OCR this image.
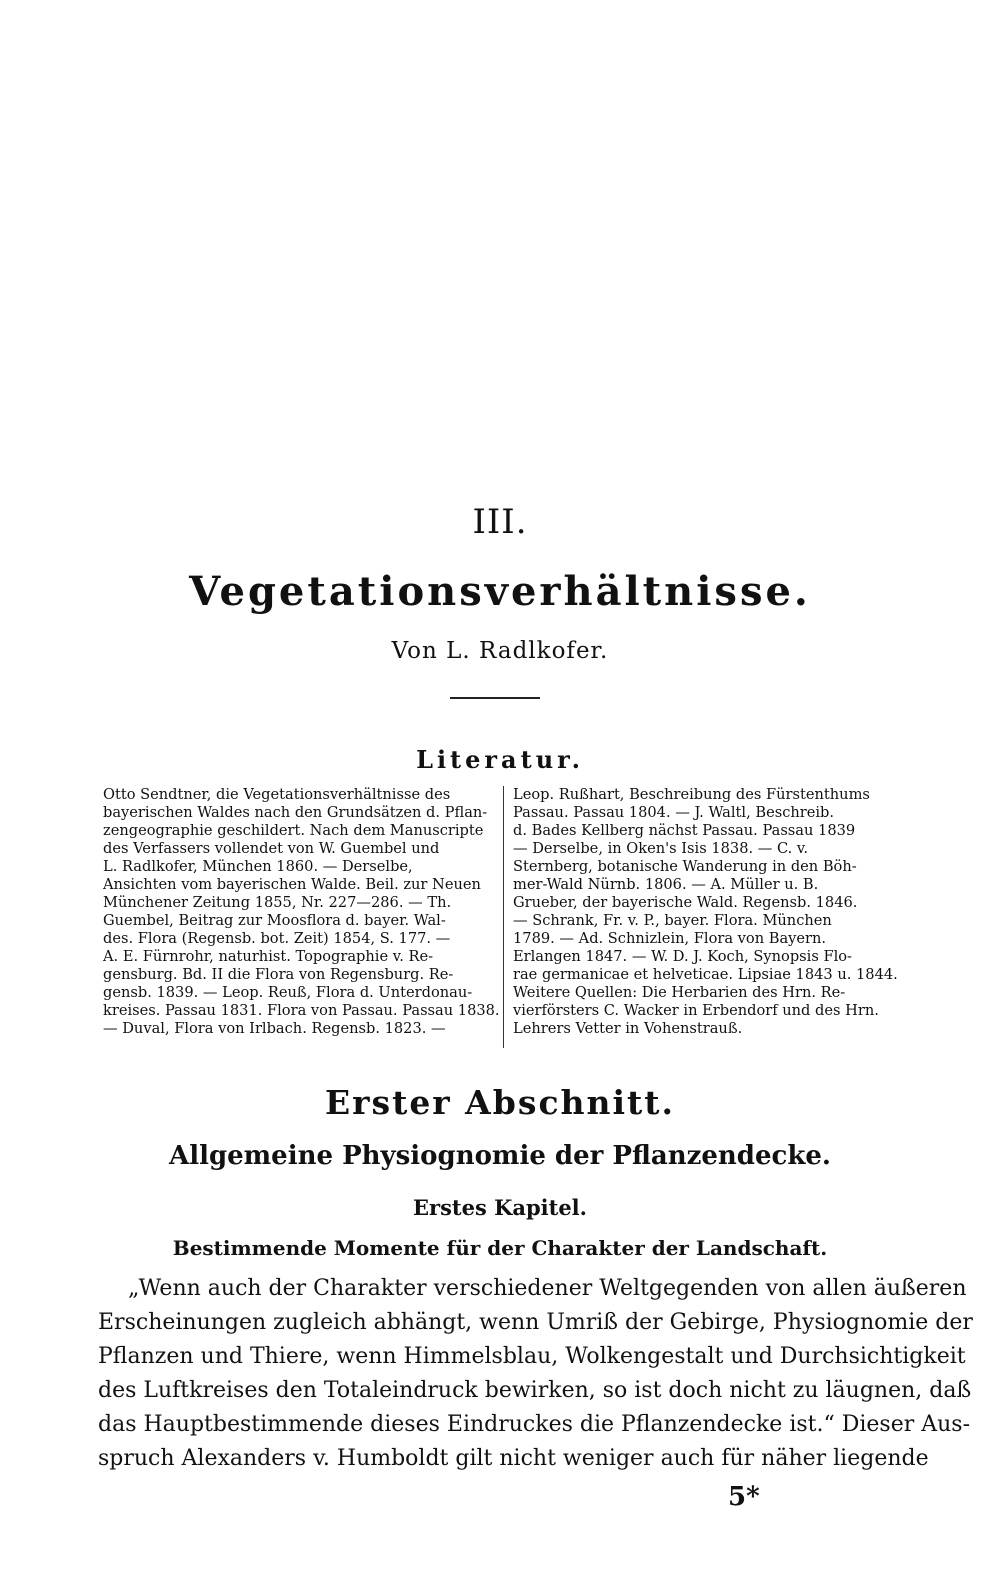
III.
Vegetationsverhältnisse.
Von L. Radlkofer.
Literatur.
Otto Sendtner, die Vegetationsverhältnisse des
bayerischen Waldes nach den Grundsätzen d. Pflan-
zengeographie geschildert. Nach dem Manuscripte
des Verfassers vollendet von W. Guembel und
L. Radlkofer, München 1860. — Derselbe,
Ansichten vom bayerischen Walde. Beil. zur Neuen
Münchener Zeitung 1855, Nr. 227—286. — Th.
Guembel, Beitrag zur Moosflora d. bayer. Wal-
des. Flora (Regensb. bot. Zeit) 1854, S. 177. —
A. E. Fürnrohr, naturhist. Topographie v. Re-
gensburg. Bd. II die Flora von Regensburg. Re-
gensb. 1839. — Leop. Reuß, Flora d. Unterdonau-
kreises. Passau 1831. Flora von Passau. Passau 1838.
— Duval, Flora von Irlbach. Regensb. 1823. —
Leop. Rußhart, Beschreibung des Fürstenthums
Passau. Passau 1804. — J. Waltl, Beschreib.
d. Bades Kellberg nächst Passau. Passau 1839
— Derselbe, in Oken's Isis 1838. — C. v.
Sternberg, botanische Wanderung in den Böh-
mer-Wald Nürnb. 1806. — A. Müller u. B.
Grueber, der bayerische Wald. Regensb. 1846.
— Schrank, Fr. v. P., bayer. Flora. München
1789. — Ad. Schnizlein, Flora von Bayern.
Erlangen 1847. — W. D. J. Koch, Synopsis Flo-
rae germanicae et helveticae. Lipsiae 1843 u. 1844.
Weitere Quellen: Die Herbarien des Hrn. Re-
vierförsters C. Wacker in Erbendorf und des Hrn.
Lehrers Vetter in Vohenstrauß.
Erster Abschnitt.
Allgemeine Physiognomie der Pflanzendecke.
Erstes Kapitel.
Bestimmende Momente für der Charakter der Landschaft.
„Wenn auch der Charakter verschiedener Weltgegenden von allen äußeren
Erscheinungen zugleich abhängt, wenn Umriß der Gebirge, Physiognomie der
Pflanzen und Thiere, wenn Himmelsblau, Wolkengestalt und Durchsichtigkeit
des Luftkreises den Totaleindruck bewirken, so ist doch nicht zu läugnen, daß
das Hauptbestimmende dieses Eindruckes die Pflanzendecke ist.“ Dieser Aus-
spruch Alexanders v. Humboldt gilt nicht weniger auch für näher liegende
5*
